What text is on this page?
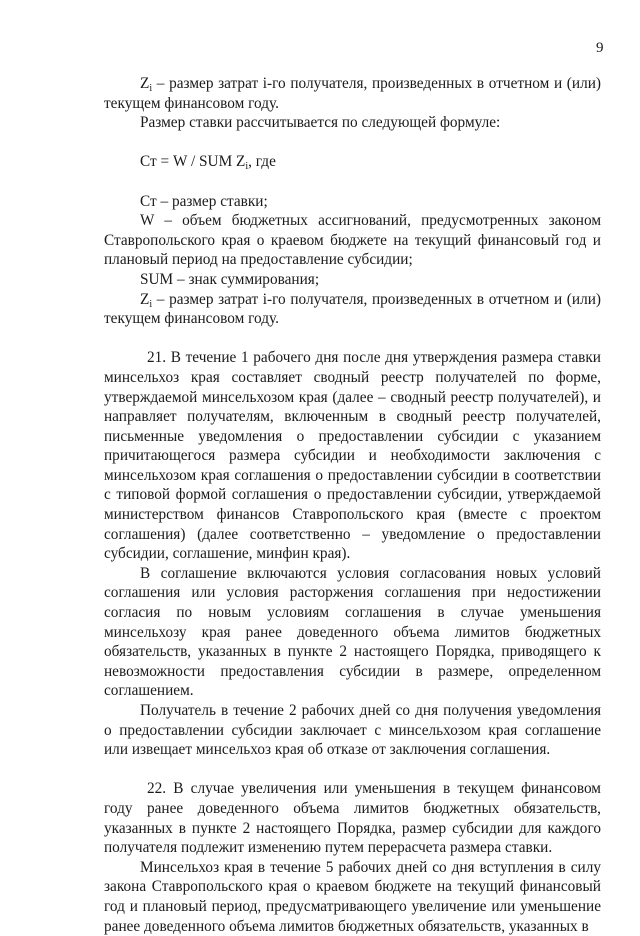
9

$Z_i$ – размер затрат i-го получателя, произведенных в отчетном и (или) текущем финансовом году.

Размер ставки рассчитывается по следующей формуле:

Ст = W / SUM $Z_i$, где

Ст – размер ставки;

W – объем бюджетных ассигнований, предусмотренных законом Ставропольского края о краевом бюджете на текущий финансовый год и плановый период на предоставление субсидии;

SUM – знак суммирования;

$Z_i$ – размер затрат i-го получателя, произведенных в отчетном и (или) текущем финансовом году.

21. В течение 1 рабочего дня после дня утверждения размера ставки минсельхоз края составляет сводный реестр получателей по форме, утверждаемой минсельхозом края (далее – сводный реестр получателей), и направляет получателям, включенным в сводный реестр получателей, письменные уведомления о предоставлении субсидии с указанием причитающегося размера субсидии и необходимости заключения с минсельхозом края соглашения о предоставлении субсидии в соответствии с типовой формой соглашения о предоставлении субсидии, утверждаемой министерством финансов Ставропольского края (вместе с проектом соглашения) (далее соответственно – уведомление о предоставлении субсидии, соглашение, минфин края).

В соглашение включаются условия согласования новых условий соглашения или условия расторжения соглашения при недостижении согласия по новым условиям соглашения в случае уменьшения минсельхозу края ранее доведенного объема лимитов бюджетных обязательств, указанных в пункте 2 настоящего Порядка, приводящего к невозможности предоставления субсидии в размере, определенном соглашением.

Получатель в течение 2 рабочих дней со дня получения уведомления о предоставлении субсидии заключает с минсельхозом края соглашение или извещает минсельхоз края об отказе от заключения соглашения.

22. В случае увеличения или уменьшения в текущем финансовом году ранее доведенного объема лимитов бюджетных обязательств, указанных в пункте 2 настоящего Порядка, размер субсидии для каждого получателя подлежит изменению путем перерасчета размера ставки.

Минсельхоз края в течение 5 рабочих дней со дня вступления в силу закона Ставропольского края о краевом бюджете на текущий финансовый год и плановый период, предусматривающего увеличение или уменьшение ранее доведенного объема лимитов бюджетных обязательств, указанных в
